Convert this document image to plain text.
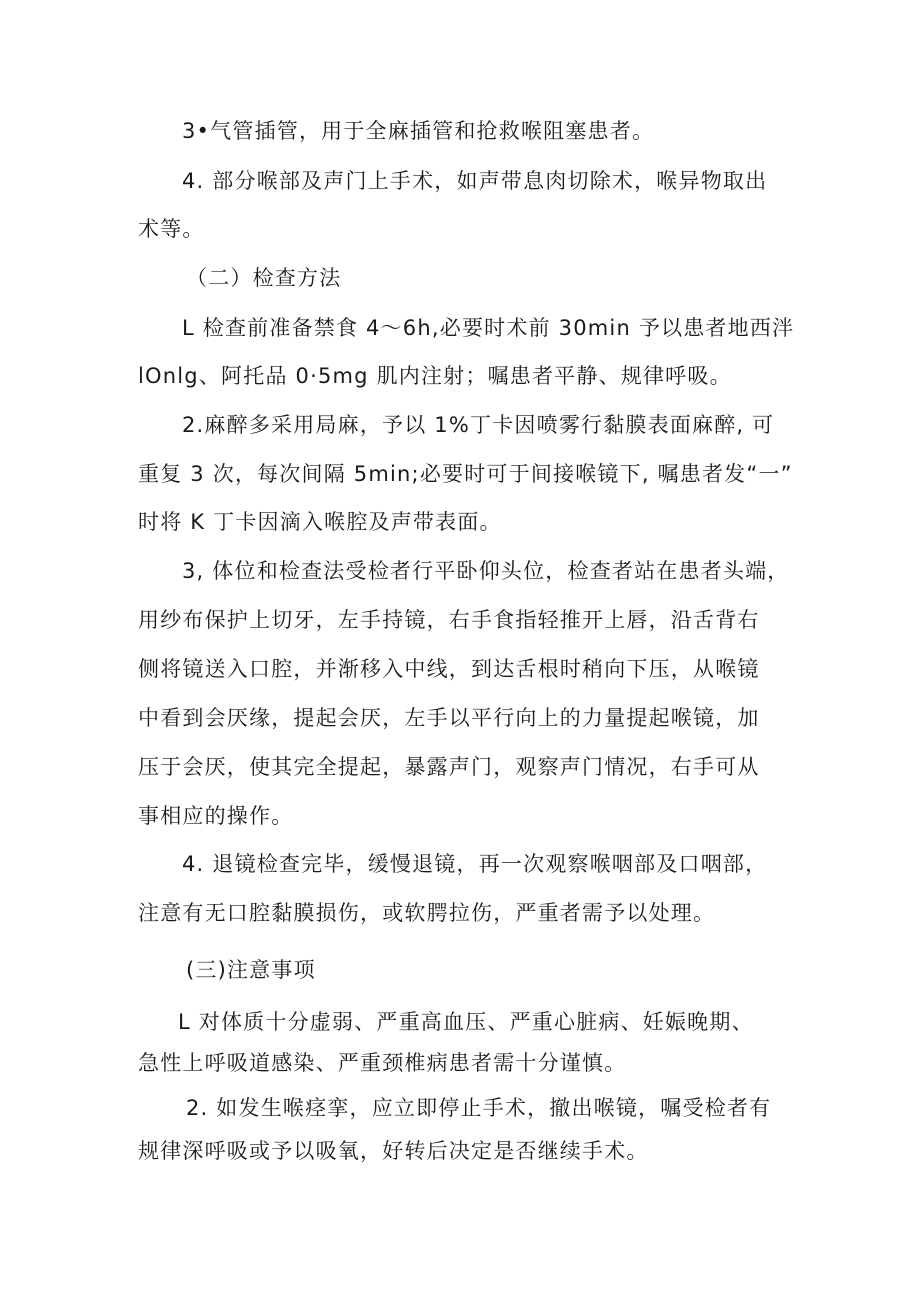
3•气管插管，用于全麻插管和抢救喉阻塞患者。
4. 部分喉部及声门上手术，如声带息肉切除术，喉异物取出
术等。
（二）检查方法
L 检查前准备禁食 4〜6h,必要时术前 30min 予以患者地西泮
lOnlg、阿托品 0·5mg 肌内注射；嘱患者平静、规律呼吸。
2.麻醉多采用局麻，予以 1%丁卡因喷雾行黏膜表面麻醉, 可
重复 3 次，每次间隔 5min;必要时可于间接喉镜下, 嘱患者发“一”
时将 K 丁卡因滴入喉腔及声带表面。
3, 体位和检查法受检者行平卧仰头位，检查者站在患者头端，
用纱布保护上切牙，左手持镜，右手食指轻推开上唇，沿舌背右
侧将镜送入口腔，并渐移入中线，到达舌根时稍向下压，从喉镜
中看到会厌缘，提起会厌，左手以平行向上的力量提起喉镜，加
压于会厌，使其完全提起，暴露声门，观察声门情况，右手可从
事相应的操作。
4. 退镜检查完毕，缓慢退镜，再一次观察喉咽部及口咽部，
注意有无口腔黏膜损伤，或软腭拉伤，严重者需予以处理。
(三)注意事项
L 对体质十分虚弱、严重高血压、严重心脏病、妊娠晚期、
急性上呼吸道感染、严重颈椎病患者需十分谨慎。
2. 如发生喉痉挛，应立即停止手术，撤出喉镜，嘱受检者有
规律深呼吸或予以吸氧，好转后决定是否继续手术。
